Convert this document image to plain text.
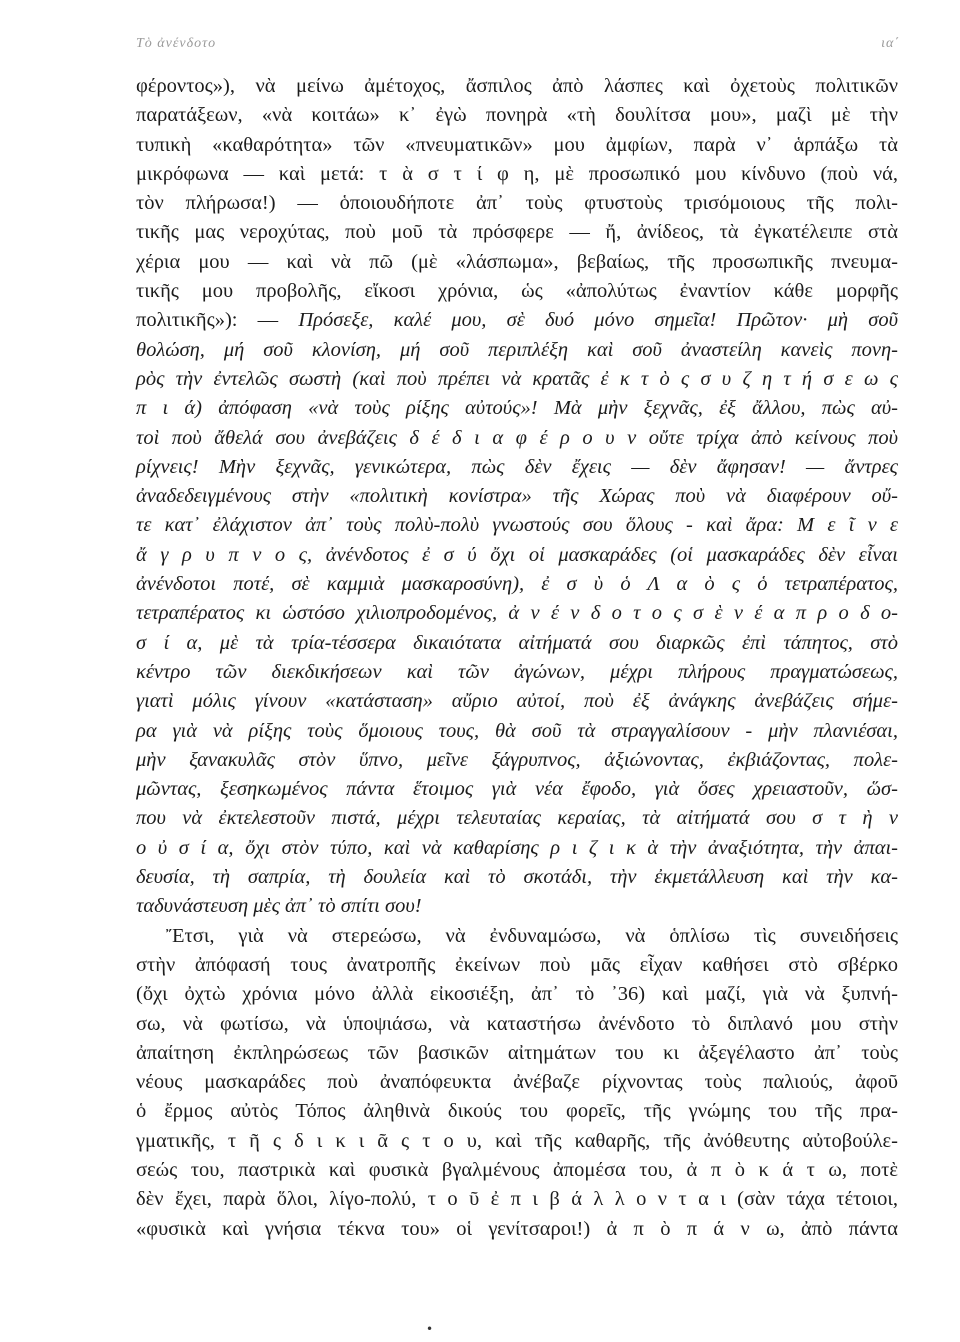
Τὸ ἀνένδοτο	ια΄
φέροντος»), νὰ μείνω ἀμέτοχος, ἄσπιλος ἀπὸ λάσπες καὶ ὀχετοὺς πολιτικῶν
παρατάξεων, «νὰ κοιτάω» κ᾿ ἐγὼ πονηρὰ «τὴ δουλίτσα μου», μαζὶ μὲ τὴν
τυπικὴ «καθαρότητα» τῶν «πνευματικῶν» μου ἀμφίων, παρὰ ν᾿ ἁρπάξω τὰ
μικρόφωνα — καὶ μετά: τ ὰ σ τ ί φ η, μὲ προσωπικό μου κίνδυνο (ποὺ νά,
τὸν πλήρωσα!) — ὁποιουδήποτε ἀπ᾿ τοὺς φτυστοὺς τρισόμοιους τῆς πολι-
τικῆς μας νεροχύτας, ποὺ μοῦ τὰ πρόσφερε — ἤ, ἀνίδεος, τὰ ἐγκατέλειπε στὰ
χέρια μου — καὶ νὰ πῶ (μὲ «λάσπωμα», βεβαίως, τῆς προσωπικῆς πνευμα-
τικῆς μου προβολῆς, εἴκοσι χρόνια, ὡς «ἀπολύτως ἐναντίον κάθε μορφῆς
πολιτικῆς»): — Πρόσεξε, καλέ μου, σὲ δυό μόνο σημεῖα! Πρῶτον· μὴ σοῦ
θολώση, μή σοῦ κλονίση, μή σοῦ περιπλέξη καὶ σοῦ ἀναστείλη κανεὶς πονη-
ρὸς τὴν ἐντελῶς σωστὴ (καὶ ποὺ πρέπει νὰ κρατᾶς ἐ κ τ ὸ ς σ υ ζ η τ ή σ ε ω ς
π ι ά) ἀπόφαση «νὰ τοὺς ρίξης αὐτούς»! Μὰ μὴν ξεχνᾶς, ἐξ ἄλλου, πὼς αὐ-
τοὶ ποὺ ἄθελά σου ἀνεβάζεις δ έ δ ι α φ έ ρ ο υ ν οὔτε τρίχα ἀπὸ κείνους ποὺ
ρίχνεις! Μὴν ξεχνᾶς, γενικώτερα, πὼς δὲν ἔχεις — δὲν ἄφησαν! — ἄντρες
ἀναδεδειγμένους στὴν «πολιτικὴ κονίστρα» τῆς Χώρας ποὺ νὰ διαφέρουν οὔ-
τε κατ᾿ ἐλάχιστον ἀπ᾿ τοὺς πολὺ-πολὺ γνωστούς σου ὅλους - καὶ ἄρα: Μ ε ῖ ν ε
ἄ γ ρ υ π ν ο ς, ἀνένδοτος ἐ σ ύ ὄχι οἱ μασκαράδες (οἱ μασκαράδες δὲν εἶναι
ἀνένδοτοι ποτέ, σὲ καμμιὰ μασκαροσύνη), ἐ σ ὺ ὁ Λ α ὸ ς ὁ τετραπέρατος,
τετραπέρατος κι ὡστόσο χιλιοπροδομένος, ἀ ν έ ν δ ο τ ο ς σ ὲ ν έ α π ρ ο δ ο-
σ ί α, μὲ τὰ τρία-τέσσερα δικαιότατα αἰτήματά σου διαρκῶς ἐπὶ τάπητος, στὸ
κέντρο τῶν διεκδικήσεων καὶ τῶν ἀγώνων, μέχρι πλήρους πραγματώσεως,
γιατὶ μόλις γίνουν «κατάσταση» αὔριο αὐτοί, ποὺ ἐξ ἀνάγκης ἀνεβάζεις σήμε-
ρα γιὰ νὰ ρίξης τοὺς ὅμοιους τους, θὰ σοῦ τὰ στραγγαλίσουν - μὴν πλανιέσαι,
μὴν ξανακυλᾶς στὸν ὕπνο, μεῖνε ξάγρυπνος, ἀξιώνοντας, ἐκβιάζοντας, πολε-
μῶντας, ξεσηκωμένος πάντα ἕτοιμος γιὰ νέα ἔφοδο, γιὰ ὅσες χρειαστοῦν, ὥσ-
που νὰ ἐκτελεστοῦν πιστά, μέχρι τελευταίας κεραίας, τὰ αἰτήματά σου σ τ ὴ ν
ο ὐ σ ί α, ὄχι στὸν τύπο, καὶ νὰ καθαρίσης ρ ι ζ ι κ ὰ τὴν ἀναξιότητα, τὴν ἀπαι-
δευσία, τὴ σαπρία, τὴ δουλεία καὶ τὸ σκοτάδι, τὴν ἐκμετάλλευση καὶ τὴν κα-
ταδυνάστευση μὲς ἀπ᾿ τὸ σπίτι σου!
Ἔτσι, γιὰ νὰ στερεώσω, νὰ ἐνδυναμώσω, νὰ ὁπλίσω τὶς συνειδήσεις
στὴν ἀπόφασή τους ἀνατροπῆς ἐκείνων ποὺ μᾶς εἶχαν καθήσει στὸ σβέρκο
(ὄχι ὀχτὼ χρόνια μόνο ἀλλὰ εἰκοσιέξη, ἀπ᾿ τὸ ᾿36) καὶ μαζί, γιὰ νὰ ξυπνή-
σω, νὰ φωτίσω, νὰ ὑποψιάσω, νὰ καταστήσω ἀνένδοτο τὸ διπλανό μου στὴν
ἀπαίτηση ἐκπληρώσεως τῶν βασικῶν αἰτημάτων του κι ἀξεγέλαστο ἀπ᾿ τοὺς
νέους μασκαράδες ποὺ ἀναπόφευκτα ἀνέβαζε ρίχνοντας τοὺς παλιούς, ἀφοῦ
ὁ ἔρμος αὐτὸς Τόπος ἀληθινὰ δικούς του φορεῖς, τῆς γνώμης του τῆς πρα-
γματικῆς, τ ῆ ς δ ι κ ι ᾶ ς τ ο υ, καὶ τῆς καθαρῆς, τῆς ἀνόθευτης αὐτοβούλε-
σεώς του, παστρικὰ καὶ φυσικὰ βγαλμένους ἀπομέσα του, ἀ π ὸ κ ά τ ω, ποτὲ
δὲν ἔχει, παρὰ ὅλοι, λίγο-πολύ, τ ο ῦ ἐ π ι β ά λ λ ο ν τ α ι (σὰν τάχα τέτοιοι,
«φυσικὰ καὶ γνήσια τέκνα του» οἱ γενίτσαροι!) ἀ π ὸ π ά ν ω, ἀπὸ πάντα
•
